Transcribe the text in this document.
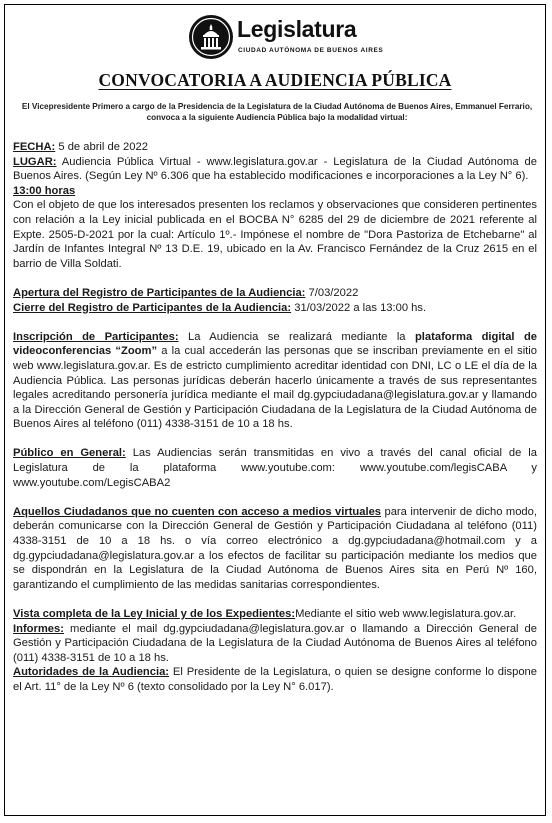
Legislatura
CIUDAD AUTÓNOMA DE BUENOS AIRES
CONVOCATORIA A AUDIENCIA PÚBLICA
El Vicepresidente Primero a cargo de la Presidencia de la Legislatura de la Ciudad Autónoma de Buenos Aires, Emmanuel Ferrario, convoca a la siguiente Audiencia Pública bajo la modalidad virtual:

FECHA: 5 de abril de 2022

LUGAR: Audiencia Pública Virtual - www.legislatura.gov.ar - Legislatura de la Ciudad Autónoma de Buenos Aires. (Según Ley Nº 6.306 que ha establecido modificaciones e incorporaciones a la Ley N° 6).

13:00 horas

Con el objeto de que los interesados presenten los reclamos y observaciones que consideren pertinentes con relación a la Ley inicial publicada en el BOCBA N° 6285 del 29 de diciembre de 2021 referente al Expte. 2505-D-2021 por la cual: Artículo 1º.- Impónese el nombre de "Dora Pastoriza de Etchebarne" al Jardín de Infantes Integral Nº 13 D.E. 19, ubicado en la Av. Francisco Fernández de la Cruz 2615 en el barrio de Villa Soldati.

Apertura del Registro de Participantes de la Audiencia: 7/03/2022

Cierre del Registro de Participantes de la Audiencia: 31/03/2022 a las 13:00 hs.

Inscripción de Participantes: La Audiencia se realizará mediante la plataforma digital de videoconferencias “Zoom” a la cual accederán las personas que se inscriban previamente en el sitio web www.legislatura.gov.ar. Es de estricto cumplimiento acreditar identidad con DNI, LC o LE el día de la Audiencia Pública. Las personas jurídicas deberán hacerlo únicamente a través de sus representantes legales acreditando personería jurídica mediante el mail dg.gypciudadana@legislatura.gov.ar y llamando a la Dirección General de Gestión y Participación Ciudadana de la Legislatura de la Ciudad Autónoma de Buenos Aires al teléfono (011) 4338-3151 de 10 a 18 hs.

Público en General: Las Audiencias serán transmitidas en vivo a través del canal oficial de la Legislatura de la plataforma www.youtube.com: www.youtube.com/legisCABA y www.youtube.com/LegisCABA2

Aquellos Ciudadanos que no cuenten con acceso a medios virtuales para intervenir de dicho modo, deberán comunicarse con la Dirección General de Gestión y Participación Ciudadana al teléfono (011) 4338-3151 de 10 a 18 hs. o vía correo electrónico a dg.gypciudadana@hotmail.com y a dg.gypciudadana@legislatura.gov.ar a los efectos de facilitar su participación mediante los medios que se dispondrán en la Legislatura de la Ciudad Autónoma de Buenos Aires sita en Perú Nº 160, garantizando el cumplimiento de las medidas sanitarias correspondientes.

Vista completa de la Ley Inicial y de los Expedientes:Mediante el sitio web www.legislatura.gov.ar.

Informes: mediante el mail dg.gypciudadana@legislatura.gov.ar o llamando a Dirección General de Gestión y Participación Ciudadana de la Legislatura de la Ciudad Autónoma de Buenos Aires al teléfono (011) 4338-3151 de 10 a 18 hs.

Autoridades de la Audiencia: El Presidente de la Legislatura, o quien se designe conforme lo dispone el Art. 11° de la Ley Nº 6 (texto consolidado por la Ley N° 6.017).
